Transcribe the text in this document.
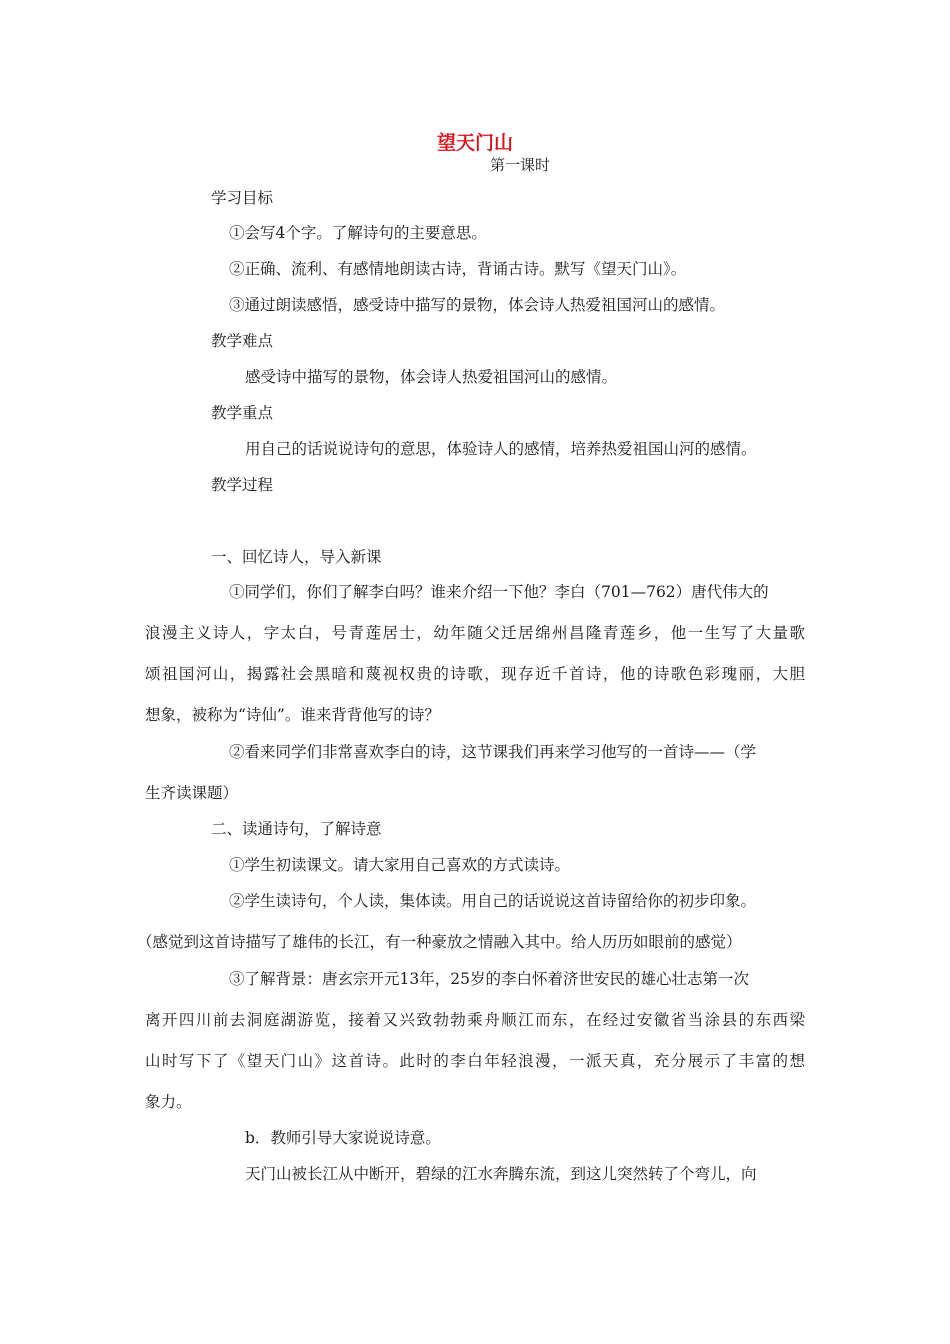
望天门山

第一课时

学习目标

①会写4个字。了解诗句的主要意思。

②正确、流利、有感情地朗读古诗，背诵古诗。默写《望天门山》。

③通过朗读感悟，感受诗中描写的景物，体会诗人热爱祖国河山的感情。

教学难点

感受诗中描写的景物，体会诗人热爱祖国河山的感情。

教学重点

用自己的话说说诗句的意思，体验诗人的感情，培养热爱祖国山河的感情。

教学过程

一、回忆诗人，导入新课

①同学们，你们了解李白吗？谁来介绍一下他？李白（701—762）唐代伟大的

浪漫主义诗人，字太白，号青莲居士，幼年随父迁居绵州昌隆青莲乡，他一生写了大量歌

颂祖国河山，揭露社会黑暗和蔑视权贵的诗歌，现存近千首诗，他的诗歌色彩瑰丽，大胆

想象，被称为“诗仙”。谁来背背他写的诗？

②看来同学们非常喜欢李白的诗，这节课我们再来学习他写的一首诗——（学

生齐读课题）

二、读通诗句，了解诗意

①学生初读课文。请大家用自己喜欢的方式读诗。

②学生读诗句，个人读，集体读。用自己的话说说这首诗留给你的初步印象。

（感觉到这首诗描写了雄伟的长江，有一种豪放之情融入其中。给人历历如眼前的感觉）

③了解背景：唐玄宗开元13年，25岁的李白怀着济世安民的雄心壮志第一次

离开四川前去洞庭湖游览，接着又兴致勃勃乘舟顺江而东，在经过安徽省当涂县的东西梁

山时写下了《望天门山》这首诗。此时的李白年轻浪漫，一派天真，充分展示了丰富的想

象力。

b．教师引导大家说说诗意。

天门山被长江从中断开，碧绿的江水奔腾东流，到这儿突然转了个弯儿，向
